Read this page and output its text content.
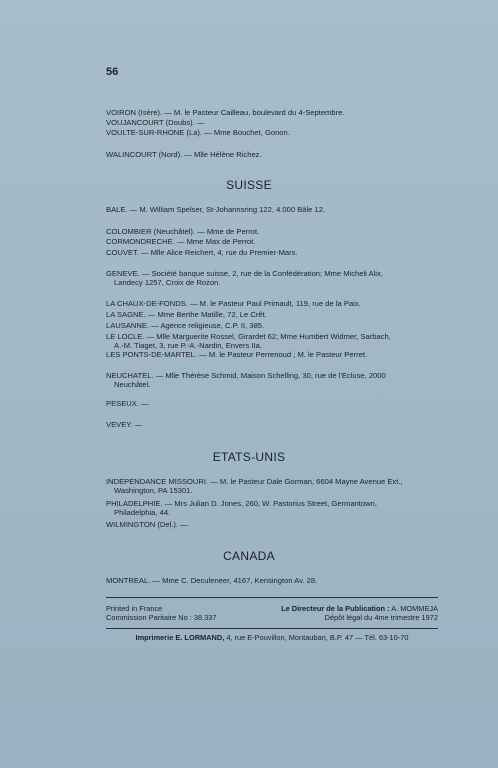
56
VOIRON (Isère). — M. le Pasteur Cailleau, boulevard du 4-Septembre.
VOUJANCOURT (Doubs). —
VOULTE-SUR-RHONE (La). — Mme Bouchet, Gonon.
WALINCOURT (Nord). — Mlle Hélène Richez.
SUISSE
BALE. — M. William Spelser, St-Johannsring 122, 4.000 Bâle 12.
COLOMBIER (Neuchâtel). — Mme de Perrot.
CORMONDRECHE. — Mme Max de Perrot.
COUVET. — Mlle Alice Reichert, 4, rue du Premier-Mars.
GENEVE. — Société banque suisse, 2, rue de la Confédération; Mme Micheli Alix,
Landecy 1257, Croix de Rozon.
LA CHAUX-DE-FONDS. — M. le Pasteur Paul Primault, 119, rue de la Paix.
LA SAGNE. — Mme Berthe Matille, 72, Le Crêt.
LAUSANNE. — Agence religieuse, C.P. II, 385.
LE LOCLE. — Mlle Marguerite Rossel, Girardet 62; Mme Humbert Widmer, Sarbach,
A.-M. Tiaget, 3, rue P.-A.-Nardin, Envers IIa.
LES PONTS-DE-MARTEL. — M. le Pasteur Perrenoud ; M. le Pasteur Perret.
NEUCHATEL. — Mlle Thérèse Schmid, Maison Schelling, 30, rue de l'Ecluse, 2000
Neuchâtel.
PESEUX. —
VEVEY. —
ETATS-UNIS
INDEPENDANCE MISSOURI. — M. le Pasteur Dale Gorman, 6604 Mayne Avenue Ext.,
Washington, PA 15301.
PHILADELPHIE. — Mrs Julian D. Jones, 260, W. Pastorius Street, Germantown,
Philadelphia, 44.
WILMINGTON (Del.). —
CANADA
MONTREAL. — Mme C. Deculeneer, 4167, Kensington Av. 28.
Printed in France	Le Directeur de la Publication : A. MOMMEJA
Commission Paritaire No : 38.337	Dépôt légal du 4me trimestre 1972
Imprimerie E. LORMAND, 4, rue E-Pouvillon, Montauban, B.P. 47 — Tél. 63-10-70
